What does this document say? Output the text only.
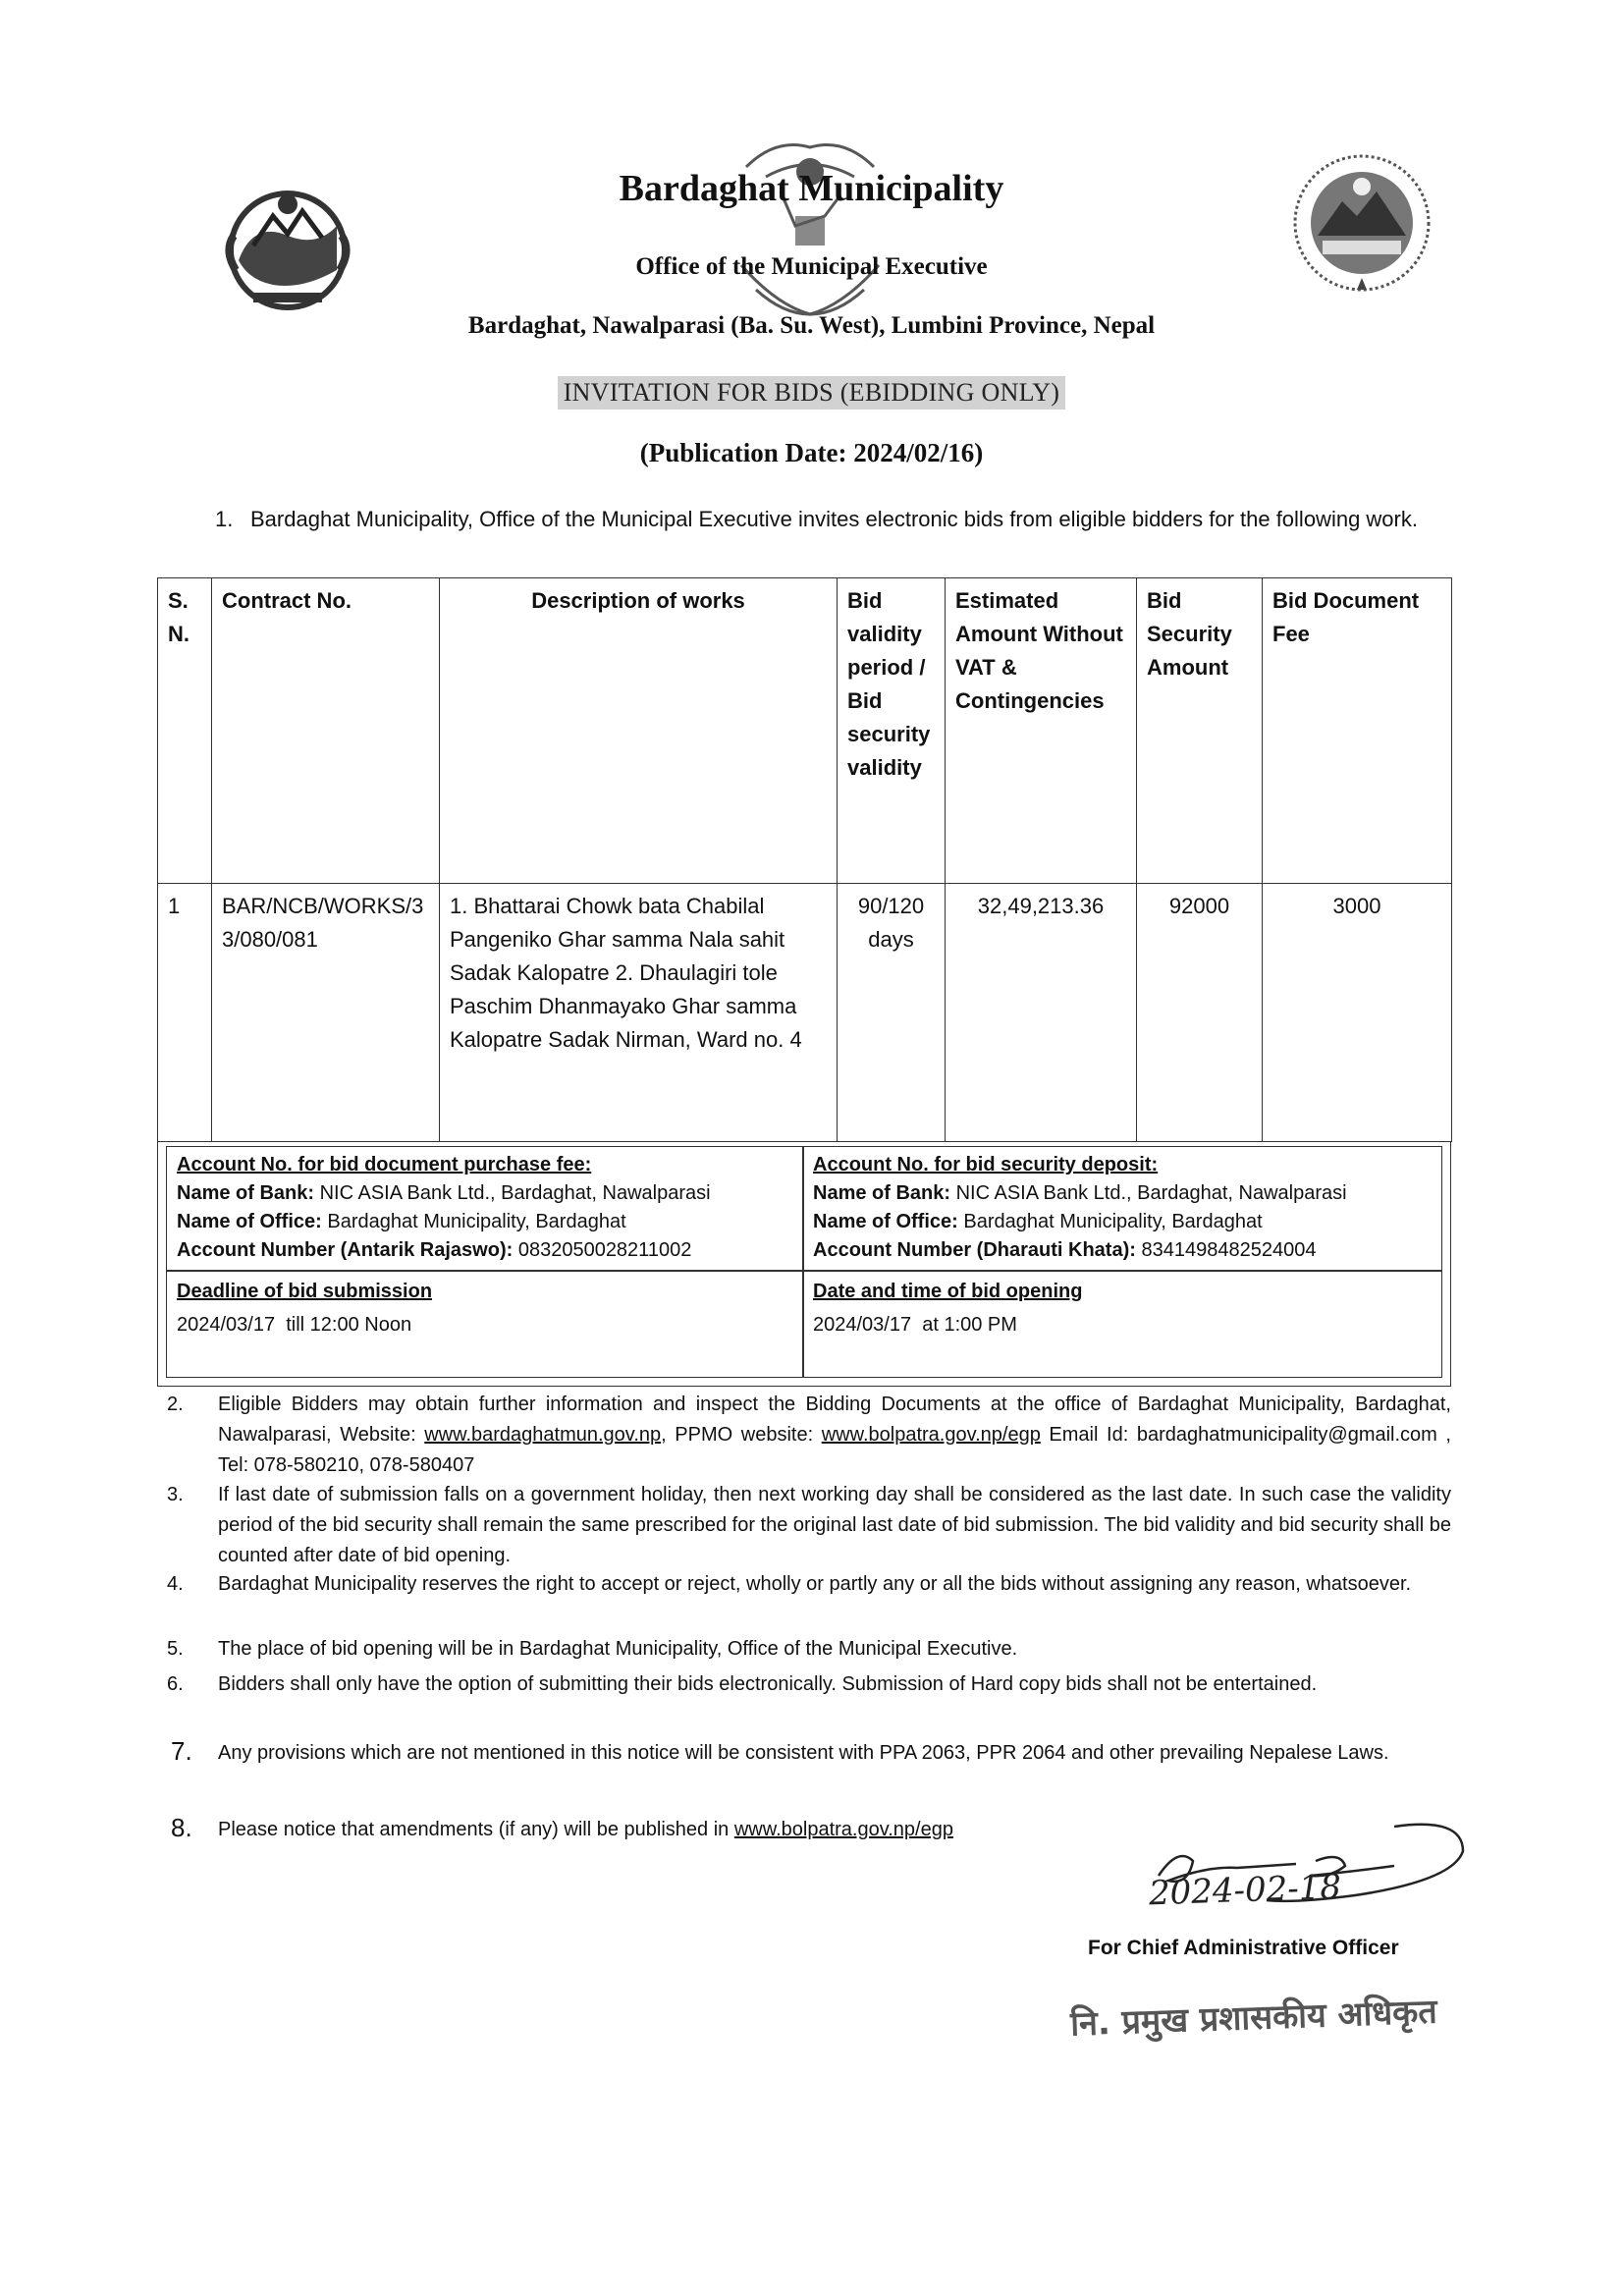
Bardaghat Municipality
Office of the Municipal Executive
Bardaghat, Nawalparasi (Ba. Su. West), Lumbini Province, Nepal
INVITATION FOR BIDS (EBIDDING ONLY)
(Publication Date: 2024/02/16)
1. Bardaghat Municipality, Office of the Municipal Executive invites electronic bids from eligible bidders for the following work.
S. N.	Contract No.	Description of works	Bid validity period / Bid security validity	Estimated Amount Without VAT & Contingencies	Bid Security Amount	Bid Document Fee
1	BAR/NCB/WORKS/33/080/081	1. Bhattarai Chowk bata Chabilal Pangeniko Ghar samma Nala sahit Sadak Kalopatre 2. Dhaulagiri tole Paschim Dhanmayako Ghar samma Kalopatre Sadak Nirman, Ward no. 4	90/120 days	32,49,213.36	92000	3000
Account No. for bid document purchase fee:
Name of Bank: NIC ASIA Bank Ltd., Bardaghat, Nawalparasi
Name of Office: Bardaghat Municipality, Bardaghat
Account Number (Antarik Rajaswo): 0832050028211002
Account No. for bid security deposit:
Name of Bank: NIC ASIA Bank Ltd., Bardaghat, Nawalparasi
Name of Office: Bardaghat Municipality, Bardaghat
Account Number (Dharauti Khata): 8341498482524004
Deadline of bid submission
2024/03/17  till 12:00 Noon
Date and time of bid opening
2024/03/17  at 1:00 PM
2. Eligible Bidders may obtain further information and inspect the Bidding Documents at the office of Bardaghat Municipality, Bardaghat, Nawalparasi, Website: www.bardaghatmun.gov.np, PPMO website: www.bolpatra.gov.np/egp Email Id: bardaghatmunicipality@gmail.com , Tel: 078-580210, 078-580407
3. If last date of submission falls on a government holiday, then next working day shall be considered as the last date. In such case the validity period of the bid security shall remain the same prescribed for the original last date of bid submission. The bid validity and bid security shall be counted after date of bid opening.
4. Bardaghat Municipality reserves the right to accept or reject, wholly or partly any or all the bids without assigning any reason, whatsoever.
5. The place of bid opening will be in Bardaghat Municipality, Office of the Municipal Executive.
6. Bidders shall only have the option of submitting their bids electronically. Submission of Hard copy bids shall not be entertained.
7. Any provisions which are not mentioned in this notice will be consistent with PPA 2063, PPR 2064 and other prevailing Nepalese Laws.
8. Please notice that amendments (if any) will be published in www.bolpatra.gov.np/egp
2024-02-18
For Chief Administrative Officer
नि. प्रमुख प्रशासकीय अधिकृत
